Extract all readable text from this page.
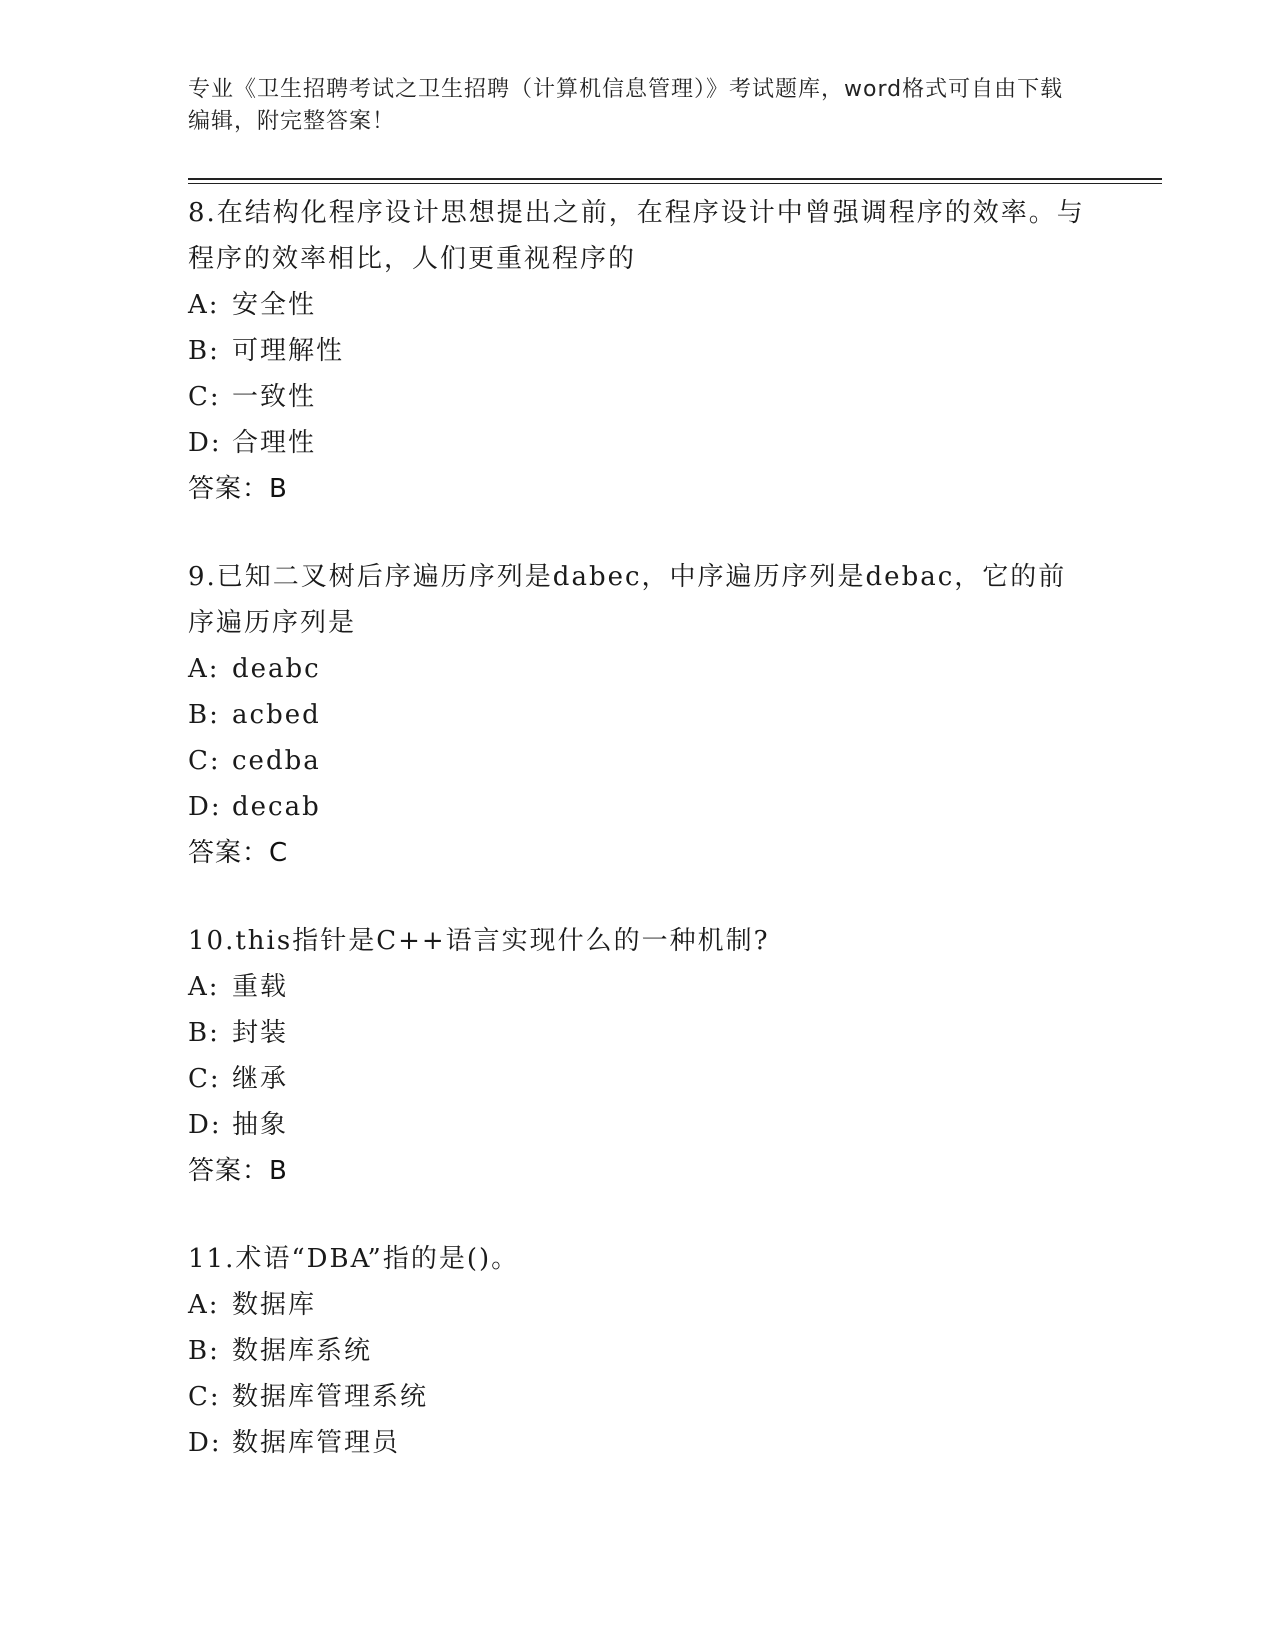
专业《卫生招聘考试之卫生招聘（计算机信息管理）》考试题库，word格式可自由下载编辑，附完整答案！
8.在结构化程序设计思想提出之前，在程序设计中曾强调程序的效率。与程序的效率相比，人们更重视程序的
A: 安全性
B: 可理解性
C: 一致性
D: 合理性
答案：B
9.已知二叉树后序遍历序列是dabec，中序遍历序列是debac，它的前序遍历序列是
A: deabc
B: acbed
C: cedba
D: decab
答案：C
10.this指针是C++语言实现什么的一种机制?
A: 重载
B: 封装
C: 继承
D: 抽象
答案：B
11.术语“DBA”指的是()。
A: 数据库
B: 数据库系统
C: 数据库管理系统
D: 数据库管理员
